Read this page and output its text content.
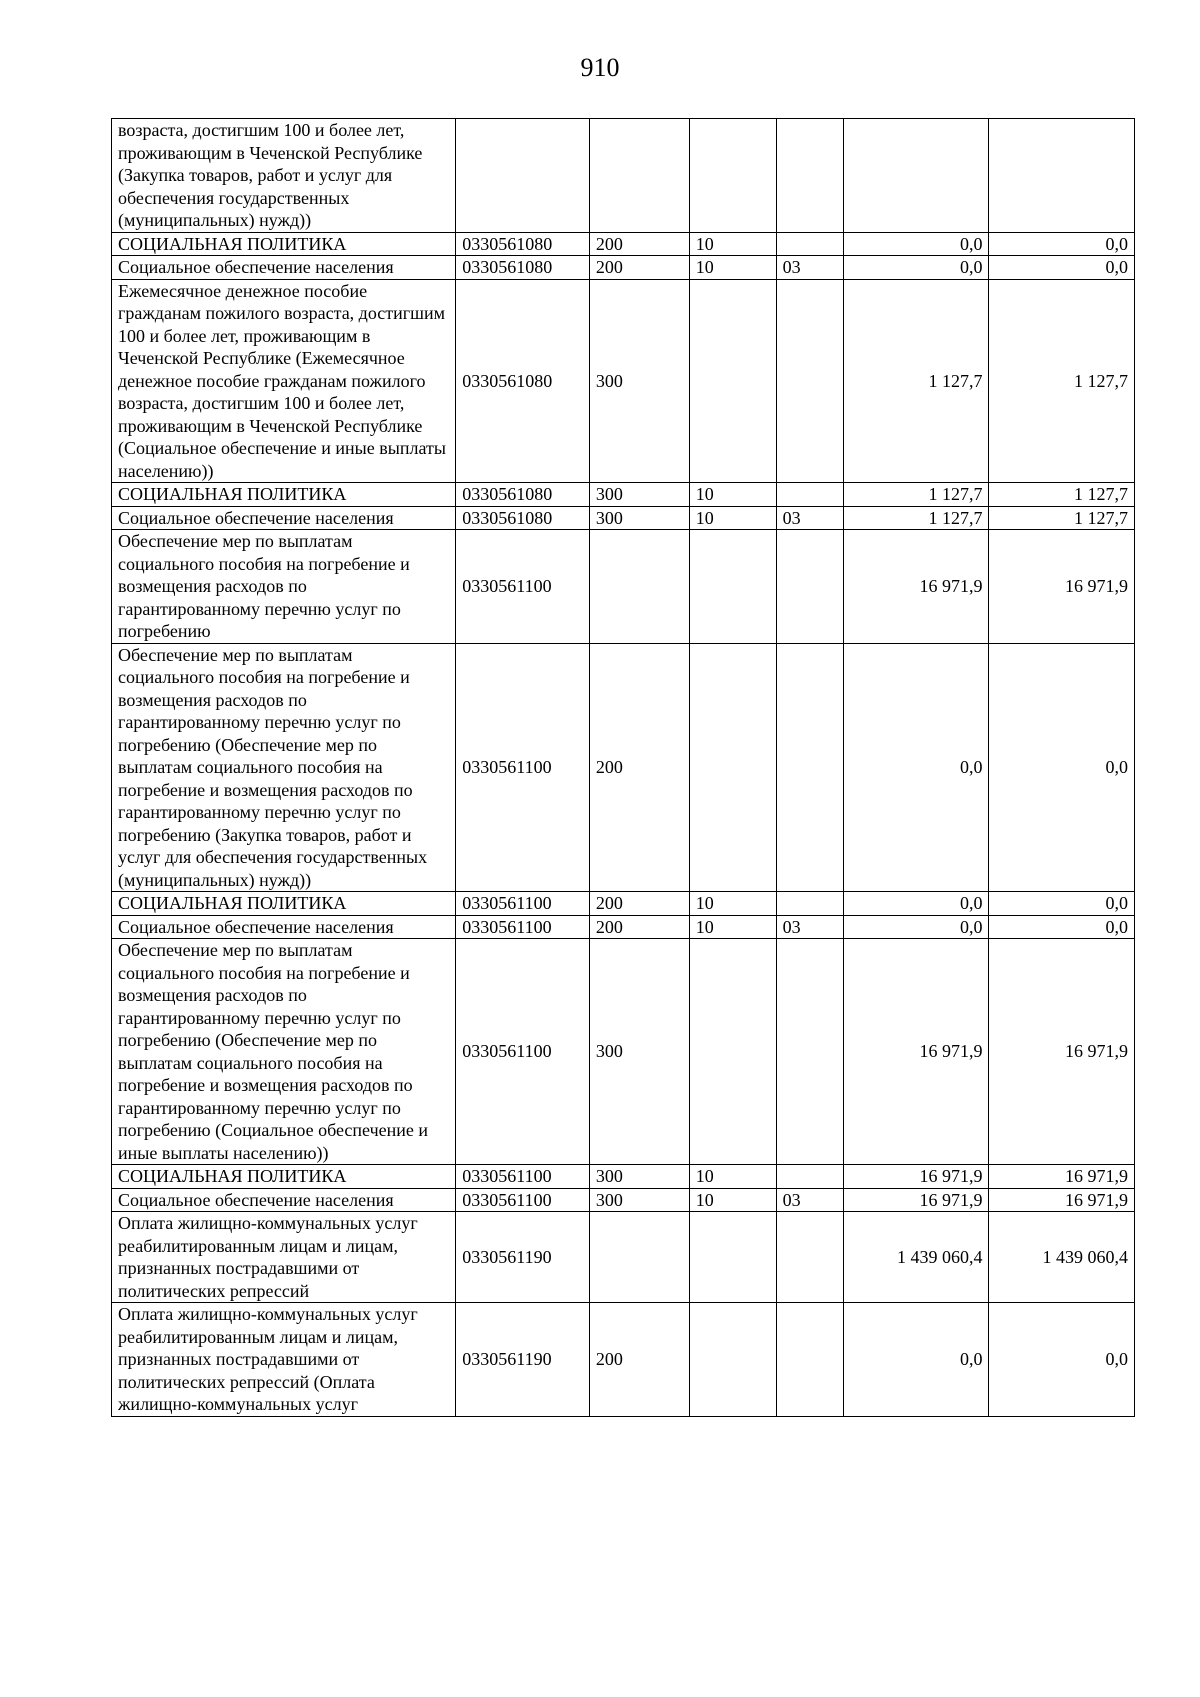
910
возраста, достигшим 100 и более лет, проживающим в Чеченской Республике (Закупка товаров, работ и услуг для обеспечения государственных (муниципальных) нужд))						
СОЦИАЛЬНАЯ ПОЛИТИКА	0330561080	200	10		0,0	0,0
Социальное обеспечение населения	0330561080	200	10	03	0,0	0,0
Ежемесячное денежное пособие гражданам пожилого возраста, достигшим 100 и более лет, проживающим в Чеченской Республике (Ежемесячное денежное пособие гражданам пожилого возраста, достигшим 100 и более лет, проживающим в Чеченской Республике (Социальное обеспечение и иные выплаты населению))	0330561080	300			1 127,7	1 127,7
СОЦИАЛЬНАЯ ПОЛИТИКА	0330561080	300	10		1 127,7	1 127,7
Социальное обеспечение населения	0330561080	300	10	03	1 127,7	1 127,7
Обеспечение мер по выплатам социального пособия на погребение и возмещения расходов по гарантированному перечню услуг по погребению	0330561100				16 971,9	16 971,9
Обеспечение мер по выплатам социального пособия на погребение и возмещения расходов по гарантированному перечню услуг по погребению (Обеспечение мер по выплатам социального пособия на погребение и возмещения расходов по гарантированному перечню услуг по погребению (Закупка товаров, работ и услуг для обеспечения государственных (муниципальных) нужд))	0330561100	200			0,0	0,0
СОЦИАЛЬНАЯ ПОЛИТИКА	0330561100	200	10		0,0	0,0
Социальное обеспечение населения	0330561100	200	10	03	0,0	0,0
Обеспечение мер по выплатам социального пособия на погребение и возмещения расходов по гарантированному перечню услуг по погребению (Обеспечение мер по выплатам социального пособия на погребение и возмещения расходов по гарантированному перечню услуг по погребению (Социальное обеспечение и иные выплаты населению))	0330561100	300			16 971,9	16 971,9
СОЦИАЛЬНАЯ ПОЛИТИКА	0330561100	300	10		16 971,9	16 971,9
Социальное обеспечение населения	0330561100	300	10	03	16 971,9	16 971,9
Оплата жилищно-коммунальных услуг реабилитированным лицам и лицам, признанных пострадавшими от политических репрессий	0330561190				1 439 060,4	1 439 060,4
Оплата жилищно-коммунальных услуг реабилитированным лицам и лицам, признанных пострадавшими от политических репрессий (Оплата жилищно-коммунальных услуг	0330561190	200			0,0	0,0
